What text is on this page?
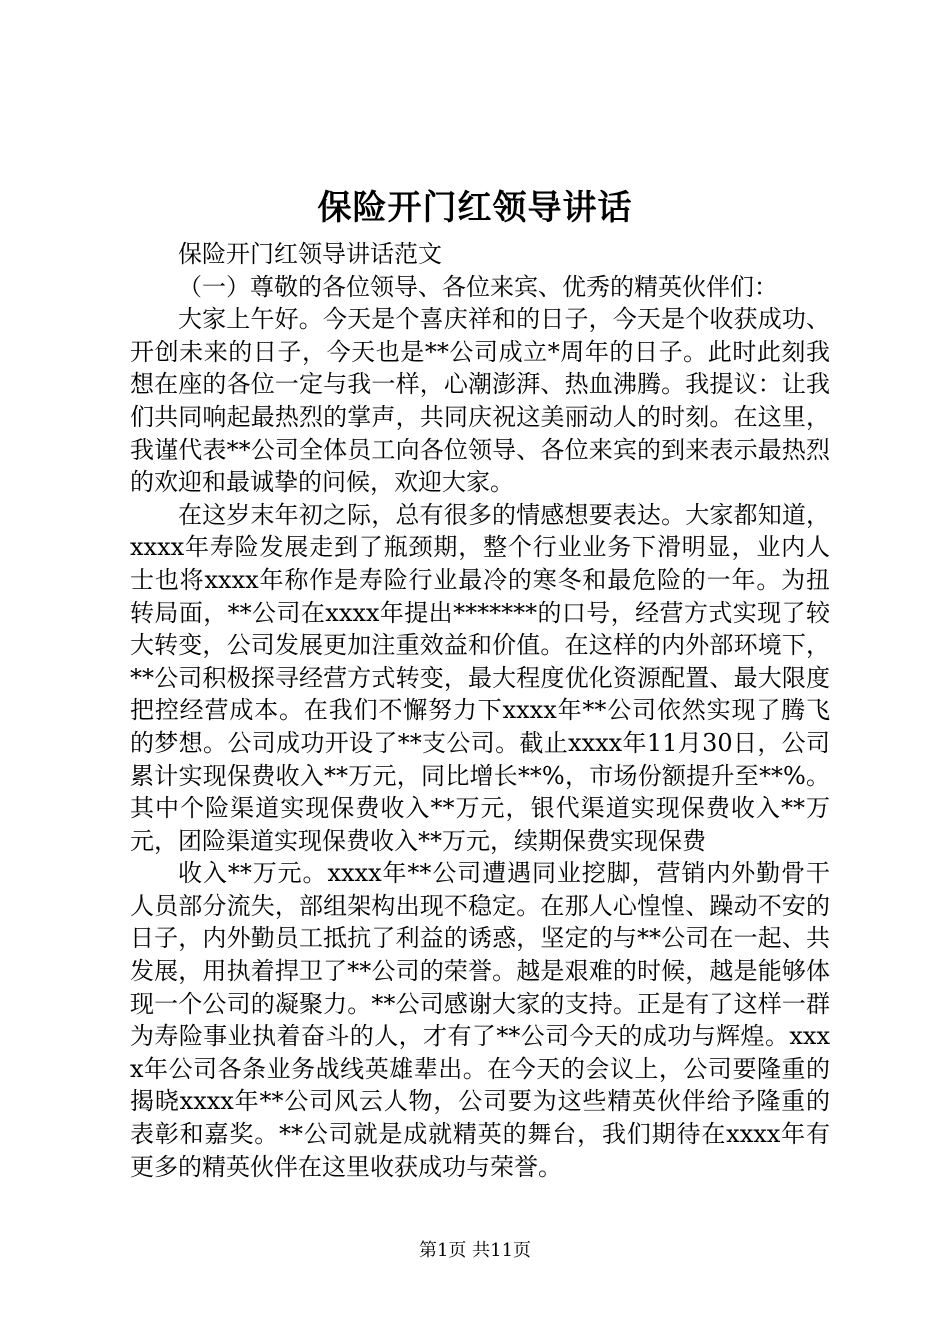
保险开门红领导讲话

保险开门红领导讲话范文

（一）尊敬的各位领导、各位来宾、优秀的精英伙伴们：

大家上午好。今天是个喜庆祥和的日子，今天是个收获成功、开创未来的日子，今天也是**公司成立*周年的日子。此时此刻我想在座的各位一定与我一样，心潮澎湃、热血沸腾。我提议：让我们共同响起最热烈的掌声，共同庆祝这美丽动人的时刻。在这里，我谨代表**公司全体员工向各位领导、各位来宾的到来表示最热烈的欢迎和最诚挚的问候，欢迎大家。

在这岁末年初之际，总有很多的情感想要表达。大家都知道，xxxx年寿险发展走到了瓶颈期，整个行业业务下滑明显，业内人士也将xxxx年称作是寿险行业最冷的寒冬和最危险的一年。为扭转局面，**公司在xxxx年提出*******的口号，经营方式实现了较大转变，公司发展更加注重效益和价值。在这样的内外部环境下，**公司积极探寻经营方式转变，最大程度优化资源配置、最大限度把控经营成本。在我们不懈努力下xxxx年**公司依然实现了腾飞的梦想。公司成功开设了**支公司。截止xxxx年11月30日，公司累计实现保费收入**万元，同比增长**%，市场份额提升至**%。其中个险渠道实现保费收入**万元，银代渠道实现保费收入**万元，团险渠道实现保费收入**万元，续期保费实现保费

收入**万元。xxxx年**公司遭遇同业挖脚，营销内外勤骨干人员部分流失，部组架构出现不稳定。在那人心惶惶、躁动不安的日子，内外勤员工抵抗了利益的诱惑，坚定的与**公司在一起、共发展，用执着捍卫了**公司的荣誉。越是艰难的时候，越是能够体现一个公司的凝聚力。**公司感谢大家的支持。正是有了这样一群为寿险事业执着奋斗的人，才有了**公司今天的成功与辉煌。xxxx年公司各条业务战线英雄辈出。在今天的会议上，公司要隆重的揭晓xxxx年**公司风云人物，公司要为这些精英伙伴给予隆重的表彰和嘉奖。**公司就是成就精英的舞台，我们期待在xxxx年有更多的精英伙伴在这里收获成功与荣誉。

第1页 共11页
